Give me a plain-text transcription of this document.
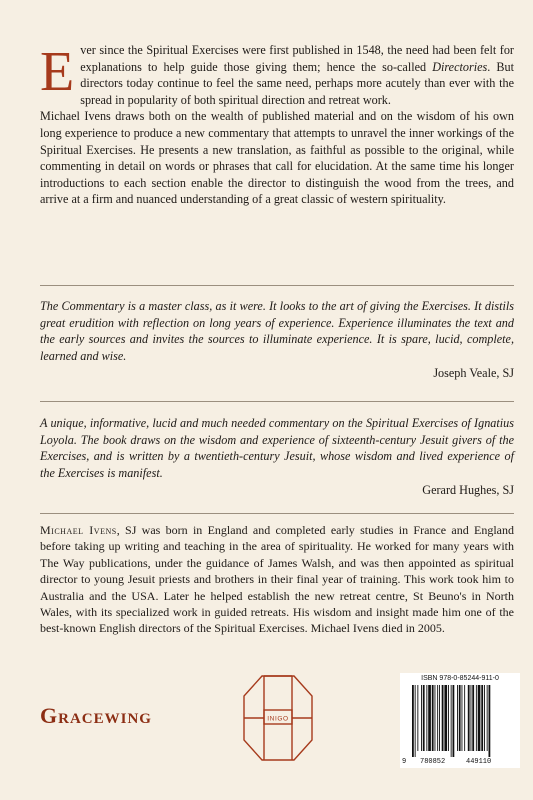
Ever since the Spiritual Exercises were first published in 1548, the need had been felt for explanations to help guide those giving them; hence the so-called Directories. But directors today continue to feel the same need, perhaps more acutely than ever with the spread in popularity of both spiritual direction and retreat work.

Michael Ivens draws both on the wealth of published material and on the wisdom of his own long experience to produce a new commentary that attempts to unravel the inner workings of the Spiritual Exercises. He presents a new translation, as faithful as possible to the original, while commenting in detail on words or phrases that call for elucidation. At the same time his longer introductions to each section enable the director to distinguish the wood from the trees, and arrive at a firm and nuanced understanding of a great classic of western spirituality.

The Commentary is a master class, as it were. It looks to the art of giving the Exercises. It distils great erudition with reflection on long years of experience. Experience illuminates the text and the early sources and invites the sources to illuminate experience. It is spare, lucid, complete, learned and wise.
Joseph Veale, SJ
A unique, informative, lucid and much needed commentary on the Spiritual Exercises of Ignatius Loyola. The book draws on the wisdom and experience of sixteenth-century Jesuit givers of the Exercises, and is written by a twentieth-century Jesuit, whose wisdom and lived experience of the Exercises is manifest.
Gerard Hughes, SJ
Michael Ivens, SJ was born in England and completed early studies in France and England before taking up writing and teaching in the area of spirituality. He worked for many years with The Way publications, under the guidance of James Walsh, and was then appointed as spiritual director to young Jesuit priests and brothers in their final year of training. This work took him to Australia and the USA. Later he helped establish the new retreat centre, St Beuno's in North Wales, with its specialized work in guided retreats. His wisdom and insight made him one of the best-known English directors of the Spiritual Exercises. Michael Ivens died in 2005.
Gracewing	INIGO
ISBN 978-0-85244-911-0
9 780852	449110
